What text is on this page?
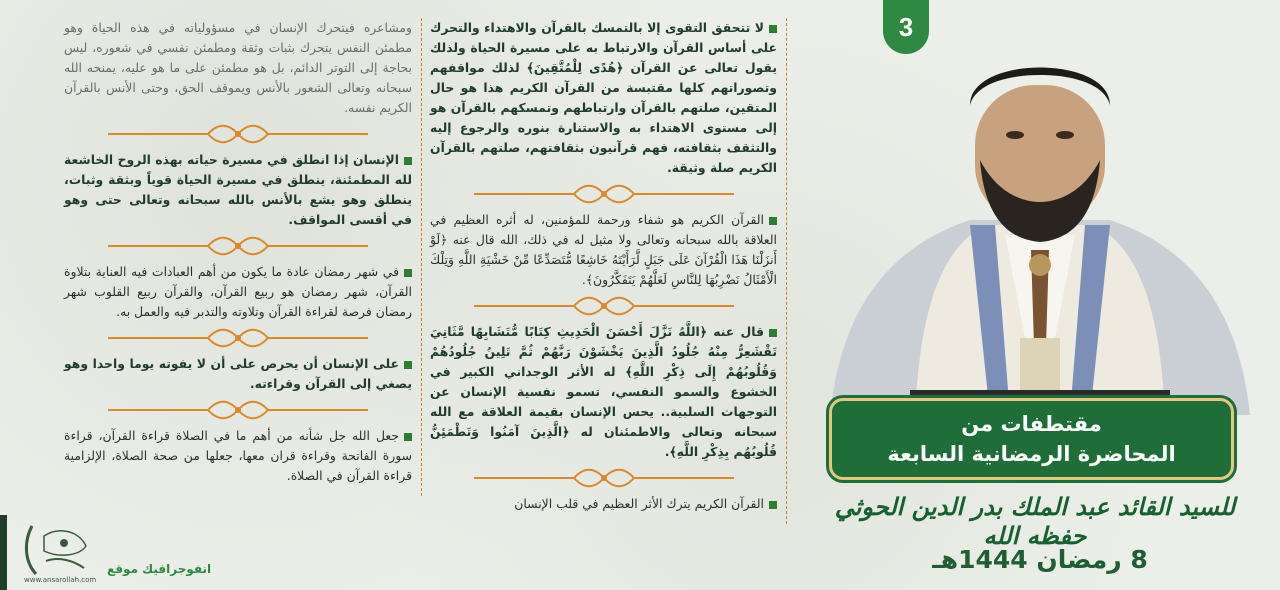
لا تتحقق التقوى إلا بالتمسك بالقرآن والاهتداء والتحرك على أساس القرآن والارتباط به على مسيرة الحياة ولذلك يقول تعالى عن القرآن ﴿هُدًى لِلْمُتَّقِينَ﴾ لذلك مواقفهم وتصوراتهم كلها مقتبسة من القرآن الكريم هذا هو حال المتقين، صلتهم بالقرآن وارتباطهم وتمسكهم بالقرآن هو إلى مستوى الاهتداء به والاستنارة بنوره والرجوع إليه والتثقف بثقافته، فهم قرآنيون بثقافتهم، صلتهم بالقرآن الكريم صلة وثيقة.

القرآن الكريم هو شفاء ورحمة للمؤمنين، له أثره العظيم في العلاقة بالله سبحانه وتعالى ولا مثيل له في ذلك، الله قال عنه ﴿لَوْ أَنزَلْنَا هَذَا الْقُرْآنَ عَلَى جَبَلٍ لَّرَأَيْتَهُ خَاشِعًا مُّتَصَدِّعًا مِّنْ خَشْيَةِ اللَّهِ وَتِلْكَ الْأَمْثَالُ نَضْرِبُهَا لِلنَّاسِ لَعَلَّهُمْ يَتَفَكَّرُونَ﴾.

قال عنه ﴿اللَّهُ نَزَّلَ أَحْسَنَ الْحَدِيثِ كِتَابًا مُّتَشَابِهًا مَّثَانِيَ تَقْشَعِرُّ مِنْهُ جُلُودُ الَّذِينَ يَخْشَوْنَ رَبَّهُمْ ثُمَّ تَلِينُ جُلُودُهُمْ وَقُلُوبُهُمْ إِلَى ذِكْرِ اللَّهِ﴾ له الأثر الوجداني الكبير في الخشوع والسمو النفسي، تسمو نفسية الإنسان عن التوجهات السلبية.. يحس الإنسان بقيمة العلاقة مع الله سبحانه وتعالى والاطمئنان له ﴿الَّذِينَ آمَنُوا وَتَطْمَئِنُّ قُلُوبُهُم بِذِكْرِ اللَّهِ﴾.

القرآن الكريم يترك الأثر العظيم في قلب الإنسان

ومشاعره فيتحرك الإنسان في مسؤولياته في هذه الحياة وهو مطمئن النفس يتحرك بثبات وثقة ومطمئن نفسي في شعوره، ليس بحاجة إلى التوتر الدائم، بل هو مطمئن على ما هو عليه، يمنحه الله سبحانه وتعالى الشعور بالأنس ويموقف الحق، وحتى الأنس بالقرآن الكريم نفسه.

الإنسان إذا انطلق في مسيرة حياته بهذه الروح الخاشعة لله المطمئنة، ينطلق في مسيرة الحياة قوياً وبثقة وثبات، ينطلق وهو يشع بالأنس بالله سبحانه وتعالى حتى وهو في أقسى المواقف.

في شهر رمضان عادة ما يكون من أهم العبادات فيه العناية بتلاوة القرآن، شهر رمضان هو ربيع القرآن، والقرآن ربيع القلوب شهر رمضان فرصة لقراءة القرآن وتلاوته والتدبر فيه والعمل به.

على الإنسان أن يحرص على أن لا يفوته يوما واحدا وهو يصغي إلى القرآن وقراءته.

جعل الله جل شأنه من أهم ما في الصلاة قراءة القرآن، قراءة سورة الفاتحة وقراءة قران معها، جعلها من صحة الصلاة، الإلزامية قراءة القرآن في الصلاة.

3
مقتطفات من
المحاضرة الرمضانية السابعة
للسيد القائد عبد الملك بدر الدين الحوثي حفظه الله
8 رمضان 1444هـ
www.ansarollah.com
انفوجرافيك موقع
